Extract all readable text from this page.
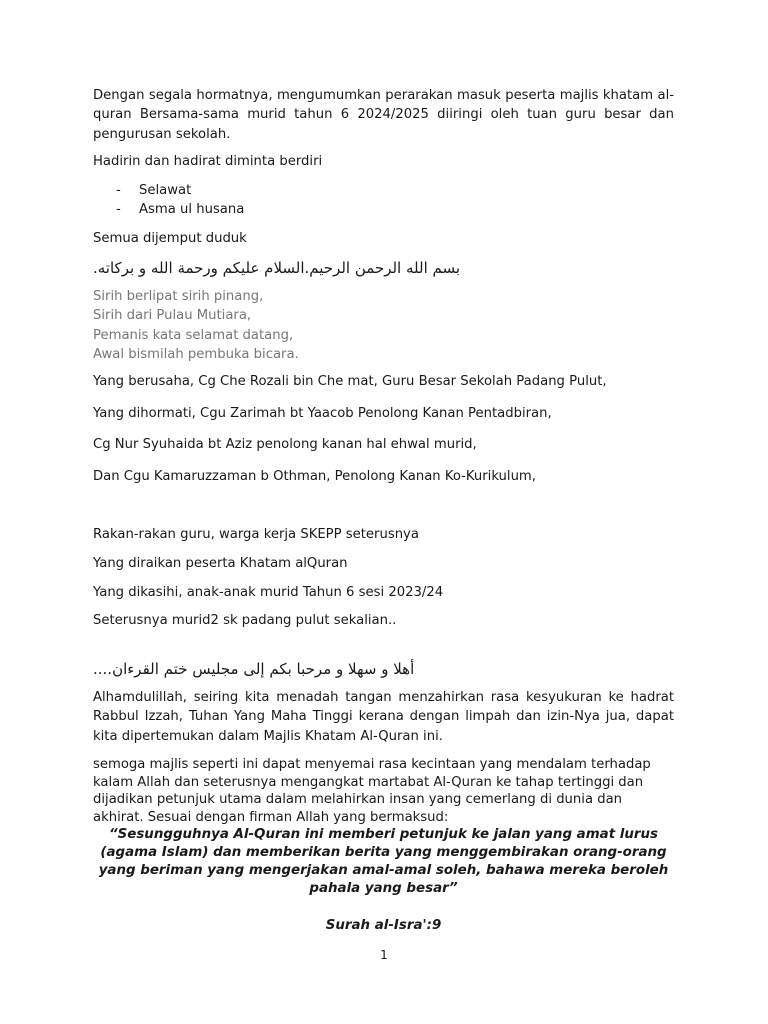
Dengan segala hormatnya, mengumumkan perarakan masuk peserta majlis khatam al-quran Bersama-sama murid tahun 6 2024/2025 diiringi oleh tuan guru besar dan pengurusan sekolah.

Hadirin dan hadirat diminta berdiri

- Selawat
- Asma ul husana

Semua dijemput duduk

بسم الله الرحمن الرحيم.السلام عليكم ورحمة الله و بركاته.

Sirih berlipat sirih pinang,

Sirih dari Pulau Mutiara,

Pemanis kata selamat datang,

Awal bismilah pembuka bicara.

Yang berusaha, Cg Che Rozali bin Che mat, Guru Besar Sekolah Padang Pulut,

Yang dihormati, Cgu Zarimah bt Yaacob Penolong Kanan Pentadbiran,

Cg Nur Syuhaida bt Aziz penolong kanan hal ehwal murid,

Dan Cgu Kamaruzzaman b Othman, Penolong Kanan Ko-Kurikulum,

Rakan-rakan guru, warga kerja SKEPP seterusnya

Yang diraikan peserta Khatam alQuran

Yang dikasihi, anak-anak murid Tahun 6 sesi 2023/24

Seterusnya murid2 sk padang pulut sekalian..

أهلا و سهلا و مرحبا بكم إلى مجليس ختم القرءان....

Alhamdulillah, seiring kita menadah tangan menzahirkan rasa kesyukuran ke hadrat Rabbul Izzah, Tuhan Yang Maha Tinggi kerana dengan limpah dan izin-Nya jua, dapat kita dipertemukan dalam Majlis Khatam Al-Quran ini.

semoga majlis seperti ini dapat menyemai rasa kecintaan yang mendalam terhadap kalam Allah dan seterusnya mengangkat martabat Al-Quran ke tahap tertinggi dan dijadikan petunjuk utama dalam melahirkan insan yang cemerlang di dunia dan akhirat. Sesuai dengan firman Allah yang bermaksud:

“Sesungguhnya Al-Quran ini memberi petunjuk ke jalan yang amat lurus (agama Islam) dan memberikan berita yang menggembirakan orang-orang yang beriman yang mengerjakan amal-amal soleh, bahawa mereka beroleh pahala yang besar”

Surah al-Isra':9

1
